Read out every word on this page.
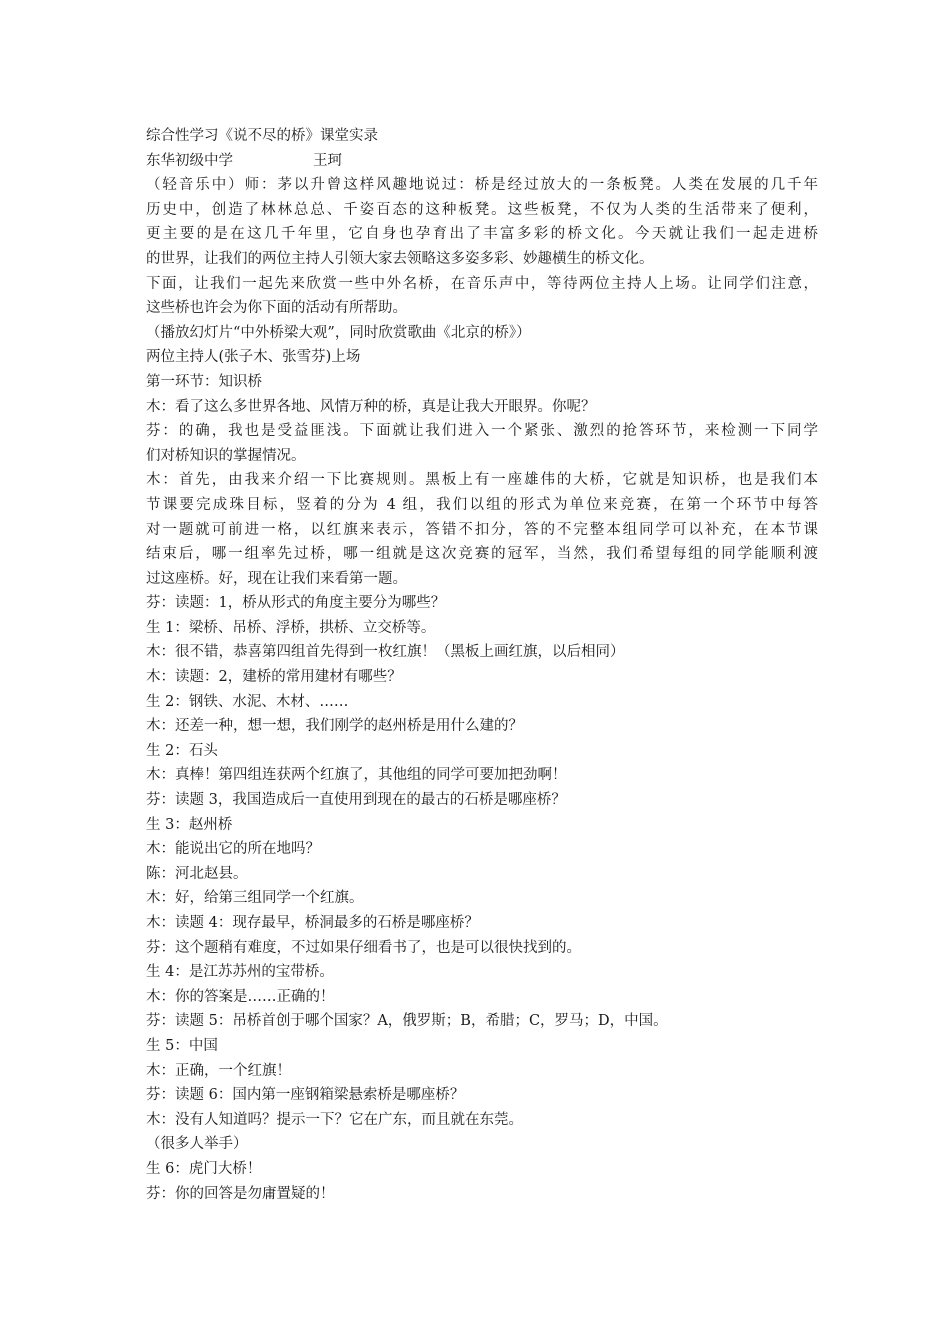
综合性学习《说不尽的桥》课堂实录
东华初级中学	王珂
（轻音乐中）师：茅以升曾这样风趣地说过：桥是经过放大的一条板凳。人类在发展的几千年
历史中，创造了林林总总、千姿百态的这种板凳。这些板凳，不仅为人类的生活带来了便利，
更主要的是在这几千年里，它自身也孕育出了丰富多彩的桥文化。今天就让我们一起走进桥
的世界，让我们的两位主持人引领大家去领略这多姿多彩、妙趣横生的桥文化。
下面，让我们一起先来欣赏一些中外名桥，在音乐声中，等待两位主持人上场。让同学们注意，
这些桥也许会为你下面的活动有所帮助。
（播放幻灯片“中外桥梁大观”，同时欣赏歌曲《北京的桥》）
两位主持人(张子木、张雪芬)上场
第一环节：知识桥
木：看了这么多世界各地、风情万种的桥，真是让我大开眼界。你呢？
芬：的确，我也是受益匪浅。下面就让我们进入一个紧张、激烈的抢答环节，来检测一下同学
们对桥知识的掌握情况。
木：首先，由我来介绍一下比赛规则。黑板上有一座雄伟的大桥，它就是知识桥，也是我们本
节课要完成珠目标，竖着的分为 4 组，我们以组的形式为单位来竞赛，在第一个环节中每答
对一题就可前进一格，以红旗来表示，答错不扣分，答的不完整本组同学可以补充，在本节课
结束后，哪一组率先过桥，哪一组就是这次竞赛的冠军，当然，我们希望每组的同学能顺利渡
过这座桥。好，现在让我们来看第一题。
芬：读题：1，桥从形式的角度主要分为哪些？
生 1：梁桥、吊桥、浮桥，拱桥、立交桥等。
木：很不错，恭喜第四组首先得到一枚红旗！（黑板上画红旗，以后相同）
木：读题：2，建桥的常用建材有哪些？
生 2：钢铁、水泥、木材、……
木：还差一种，想一想，我们刚学的赵州桥是用什么建的？
生 2：石头
木：真棒！第四组连获两个红旗了，其他组的同学可要加把劲啊！
芬：读题 3，我国造成后一直使用到现在的最古的石桥是哪座桥？
生 3：赵州桥
木：能说出它的所在地吗？
陈：河北赵县。
木：好，给第三组同学一个红旗。
木：读题 4：现存最早，桥洞最多的石桥是哪座桥？
芬：这个题稍有难度，不过如果仔细看书了，也是可以很快找到的。
生 4：是江苏苏州的宝带桥。
木：你的答案是……正确的！
芬：读题 5：吊桥首创于哪个国家？A，俄罗斯；B，希腊；C，罗马；D，中国。
生 5：中国
木：正确，一个红旗！
芬：读题 6：国内第一座钢箱梁悬索桥是哪座桥？
木：没有人知道吗？提示一下？它在广东，而且就在东莞。
（很多人举手）
生 6：虎门大桥！
芬：你的回答是勿庸置疑的！
